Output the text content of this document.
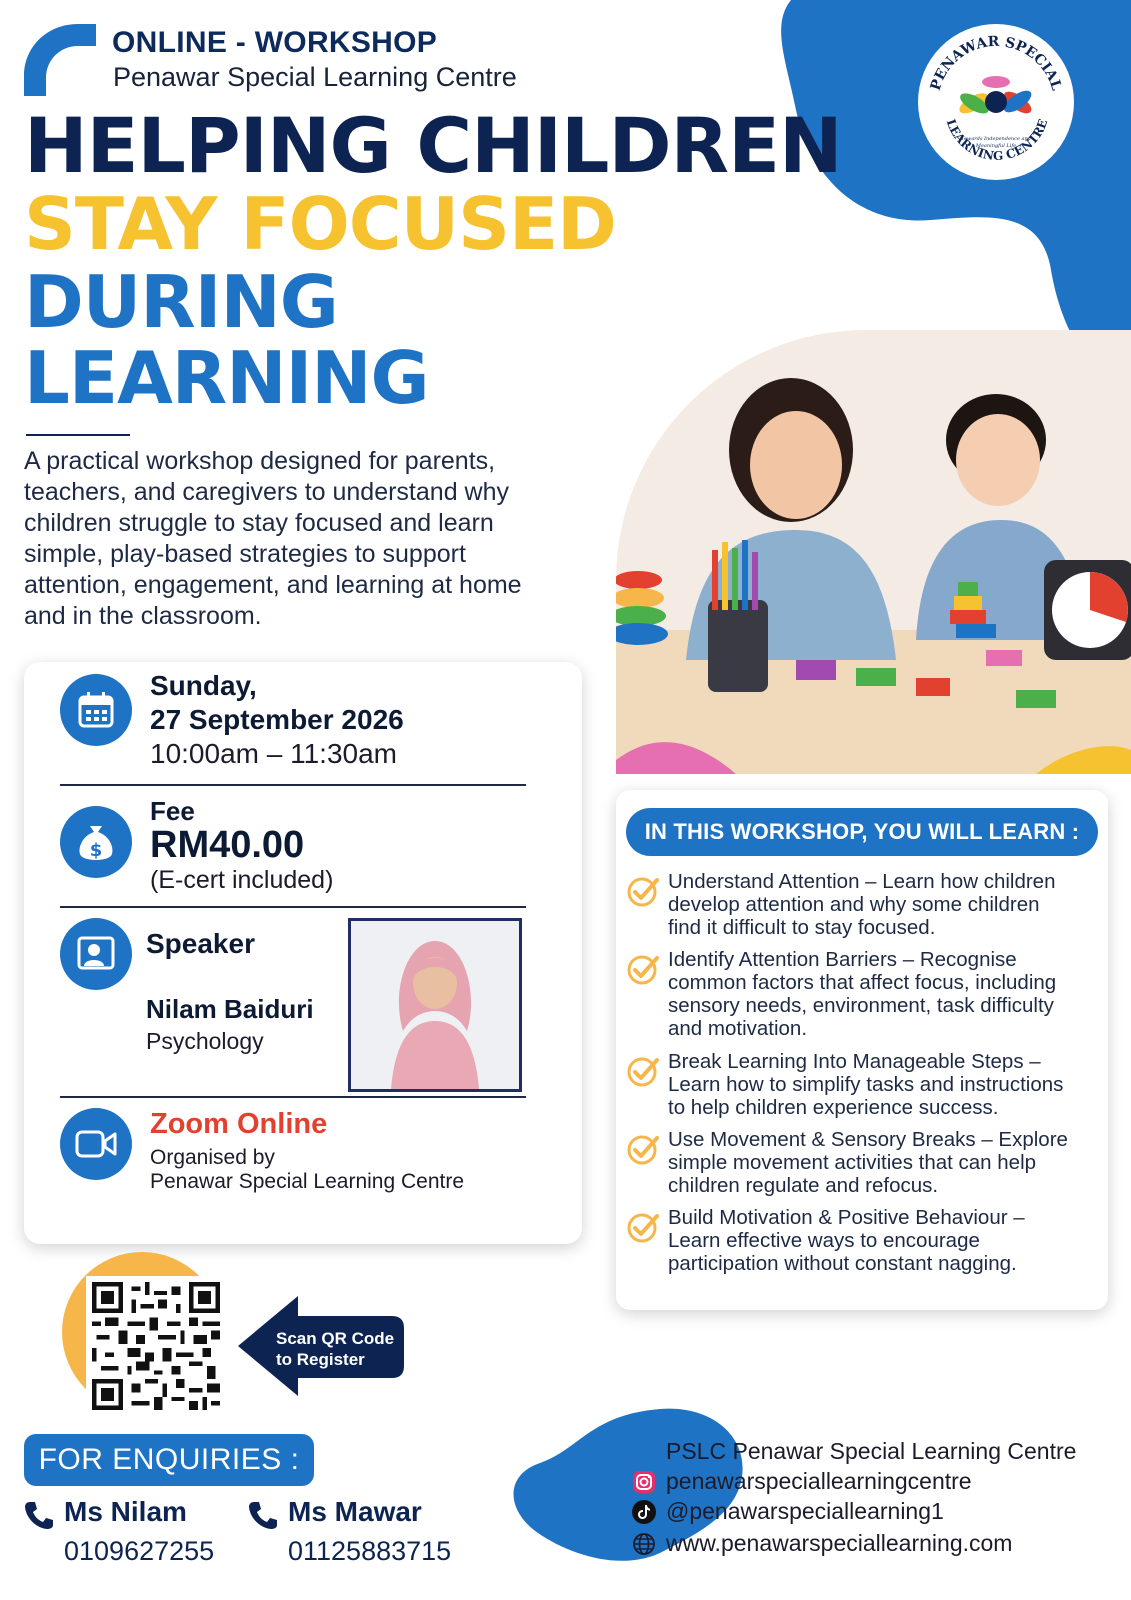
ONLINE - WORKSHOP
Penawar Special Learning Centre	PENAWAR SPECIAL
LEARNING CENTRE
Towards Independence and
Meaningful Life
HELPING CHILDREN
STAY FOCUSED
DURING
LEARNING
A practical workshop designed for parents,
teachers, and caregivers to understand why
children struggle to stay focused and learn
simple, play-based strategies to support
attention, engagement, and learning at home
and in the classroom.
Sunday,
27 September 2026
10:00am – 11:30am
$
Fee
RM40.00
(E-cert included)
Speaker
Nilam Baiduri
Psychology
Zoom Online
Organised by
Penawar Special Learning Centre
IN THIS WORKSHOP, YOU WILL LEARN :
Understand Attention – Learn how children
develop attention and why some children
find it difficult to stay focused.
Identify Attention Barriers – Recognise
common factors that affect focus, including
sensory needs, environment, task difficulty
and motivation.
Break Learning Into Manageable Steps –
Learn how to simplify tasks and instructions
to help children experience success.
Use Movement & Sensory Breaks – Explore
simple movement activities that can help
children regulate and refocus.
Build Motivation & Positive Behaviour –
Learn effective ways to encourage
participation without constant nagging.
Scan QR Code
to Register
FOR ENQUIRIES :
Ms Nilam
0109627255
Ms Mawar
01125883715
PSLC Penawar Special Learning Centre
penawarspeciallearningcentre
@penawarspeciallearning1
www.penawarspeciallearning.com
